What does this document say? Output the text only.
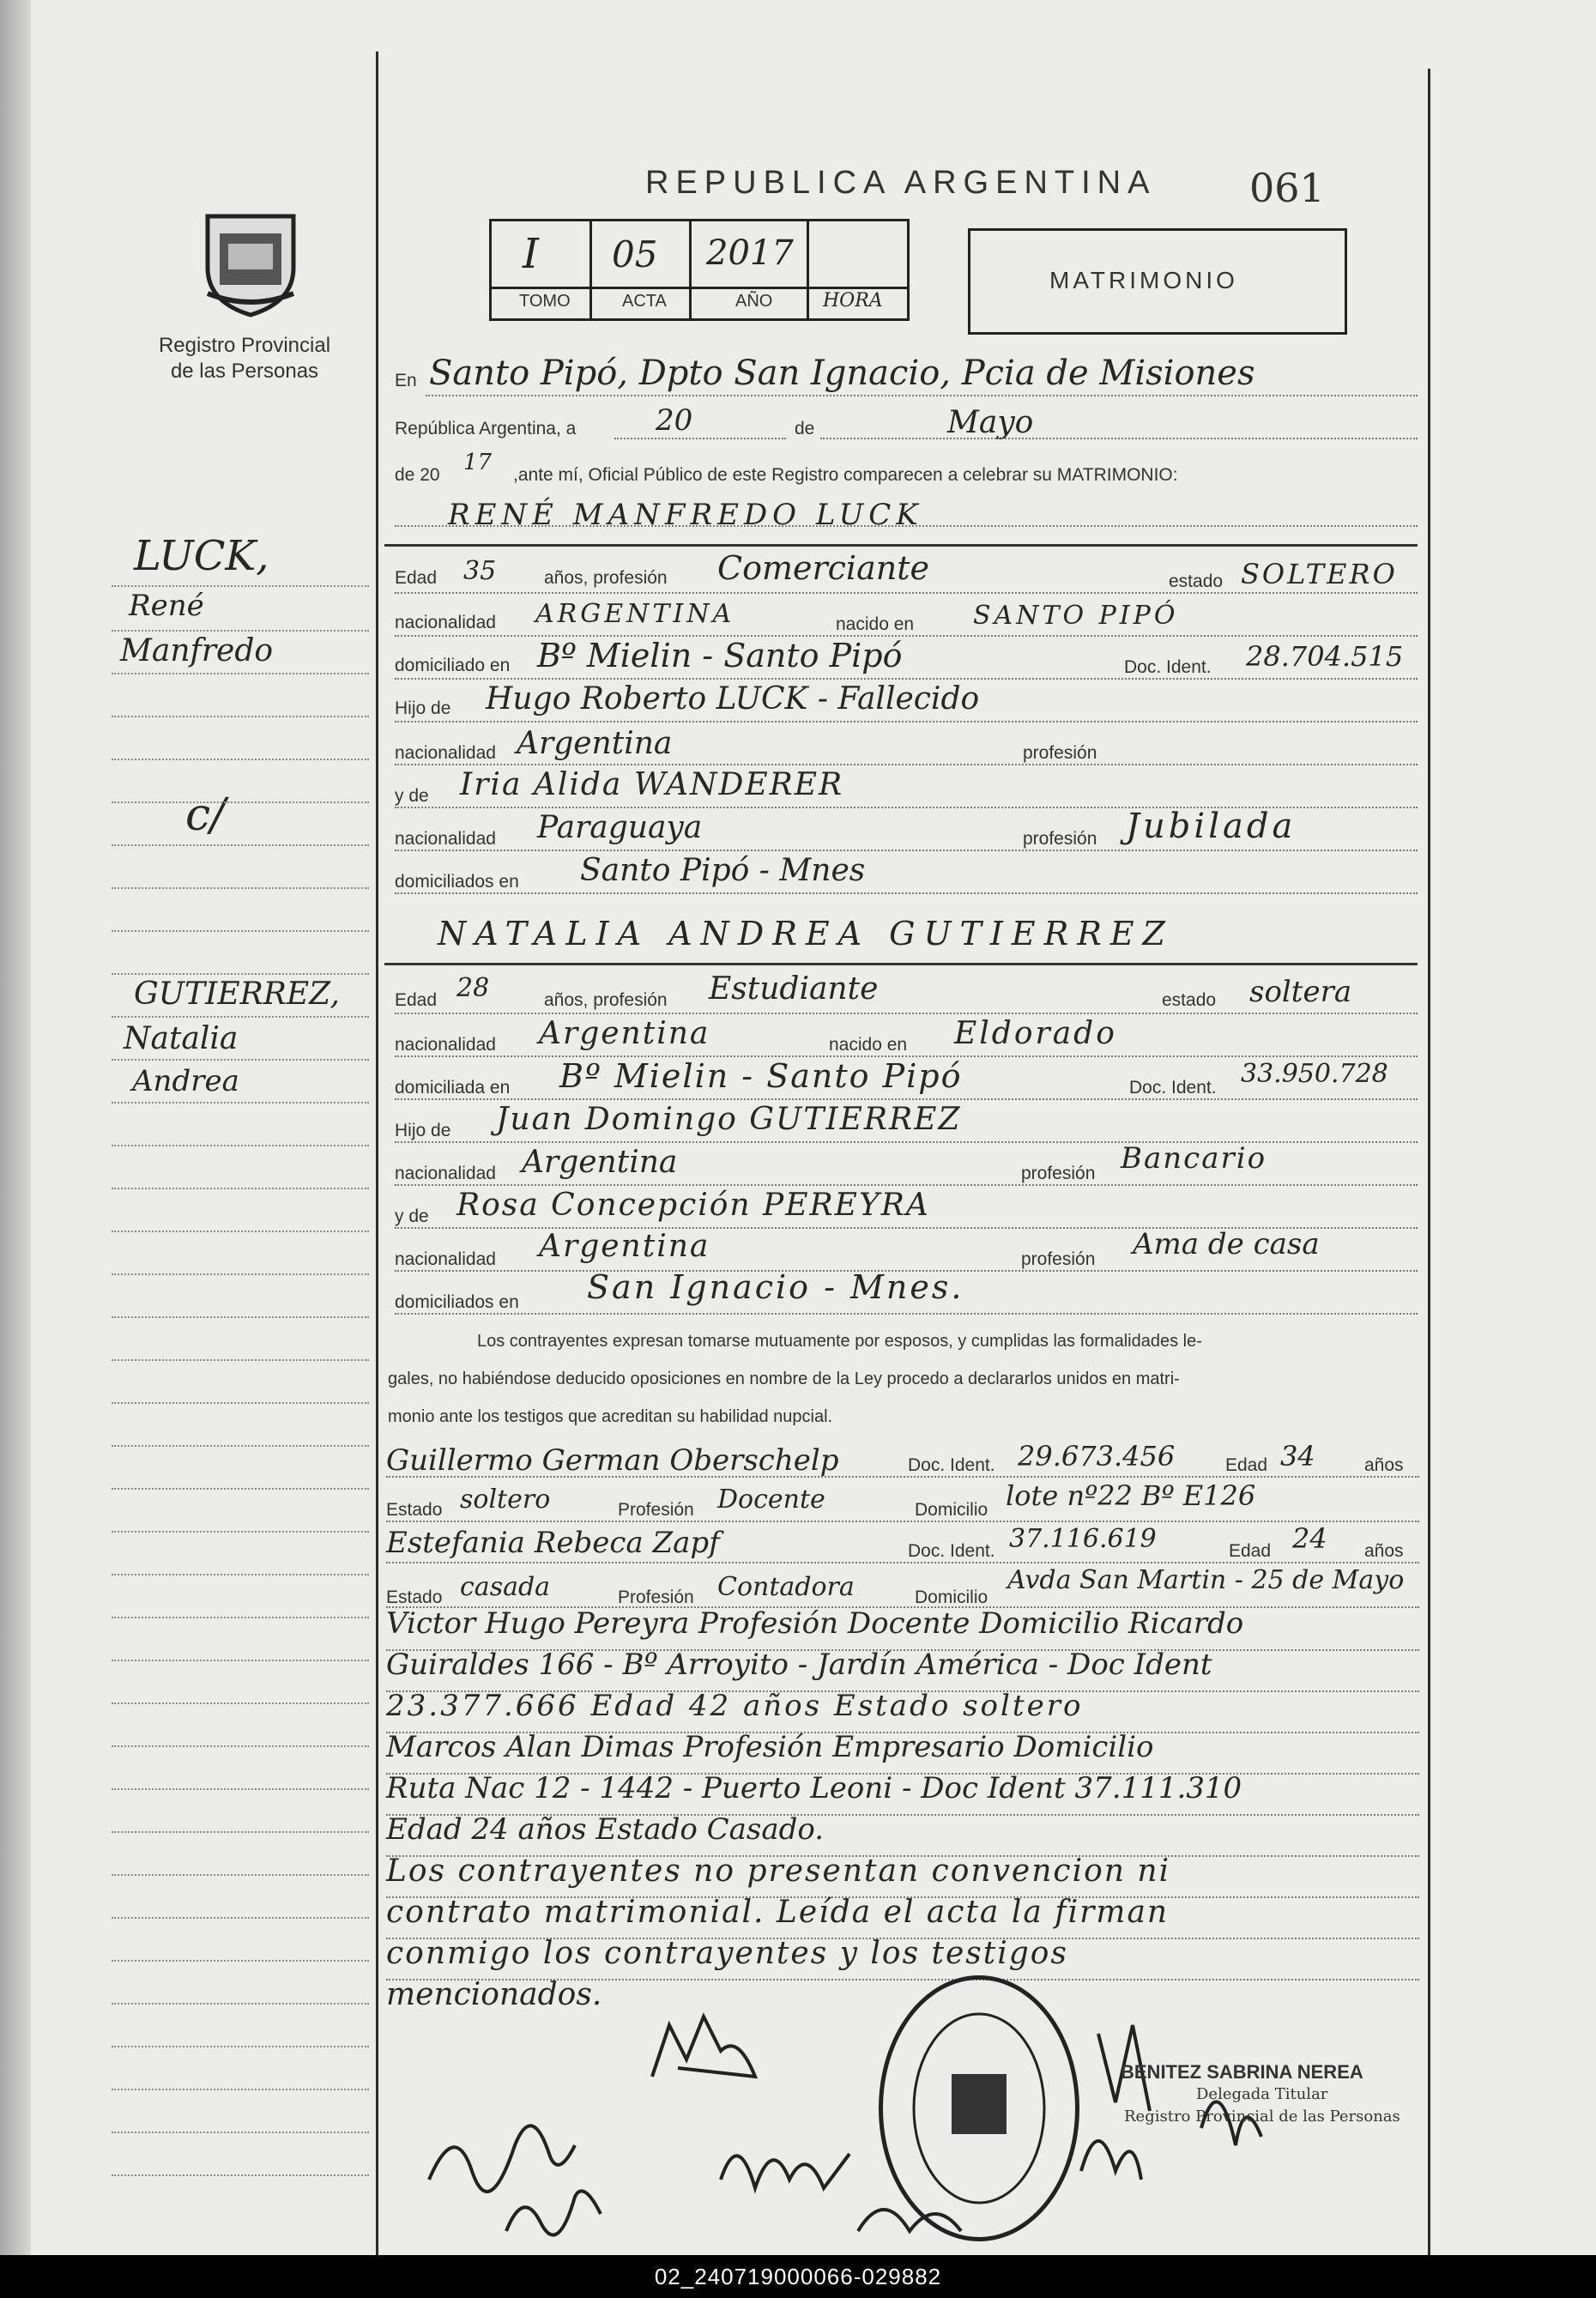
Registro Provincial de las Personas
REPUBLICA ARGENTINA 061
I 05 2017
TOMO	ACTA	AÑO	HORA
MATRIMONIO
En Santo Pipó, Dpto San Ignacio, Pcia de Misiones
República Argentina, a	20	de	Mayo
de 20 17 ,ante mí, Oficial Público de este Registro comparecen a celebrar su MATRIMONIO:
RENÉ MANFREDO LUCK
Edad 35	años, profesión Comerciante	estado SOLTERO
nacionalidad ARGENTINA	nacido en SANTO PIPÓ
domiciliado en Bº Mielin - Santo Pipó	Doc. Ident. 28.704.515
Hijo de Hugo Roberto LUCK - Fallecido
nacionalidad Argentina	profesión
y de Iria Alida WANDERER
nacionalidad Paraguaya	profesión Jubilada
domiciliados en Santo Pipó - Mnes
NATALIA ANDREA GUTIERREZ
Edad 28	años, profesión Estudiante	estado soltera
nacionalidad Argentina	nacido en Eldorado
domiciliada en Bº Mielin - Santo Pipó	Doc. Ident. 33.950.728
Hijo de Juan Domingo GUTIERREZ
nacionalidad Argentina	profesión Bancario
y de Rosa Concepción PEREYRA
nacionalidad Argentina	profesión Ama de casa
domiciliados en San Ignacio - Mnes.
Los contrayentes expresan tomarse mutuamente por esposos, y cumplidas las formalidades le-
gales, no habiéndose deducido oposiciones en nombre de la Ley procedo a declararlos unidos en matri-
monio ante los testigos que acreditan su habilidad nupcial.
Guillermo German Oberschelp	Doc. Ident. 29.673.456	Edad 34	años
Estado soltero	Profesión Docente	Domicilio lote nº22 Bº E126
Estefania Rebeca Zapf	Doc. Ident. 37.116.619	Edad 24 años
Estado casada	Profesión Contadora	Domicilio
Avda San Martin - 25 de Mayo
Victor Hugo Pereyra Profesión Docente Domicilio Ricardo
Guiraldes 166 - Bº Arroyito - Jardín América - Doc Ident
23.377.666 Edad 42 años Estado soltero
Marcos Alan Dimas Profesión Empresario Domicilio
Ruta Nac 12 - 1442 - Puerto Leoni - Doc Ident 37.111.310
Edad 24 años Estado Casado.
Los contrayentes no presentan convencion ni
contrato matrimonial. Leída el acta la firman
conmigo los contrayentes y los testigos
mencionados.
BENITEZ SABRINA NEREA
Delegada Titular
Registro Provincial de las Personas
LUCK,
René
Manfredo
c/
GUTIERREZ,
Natalia
Andrea
02_240719000066-029882
